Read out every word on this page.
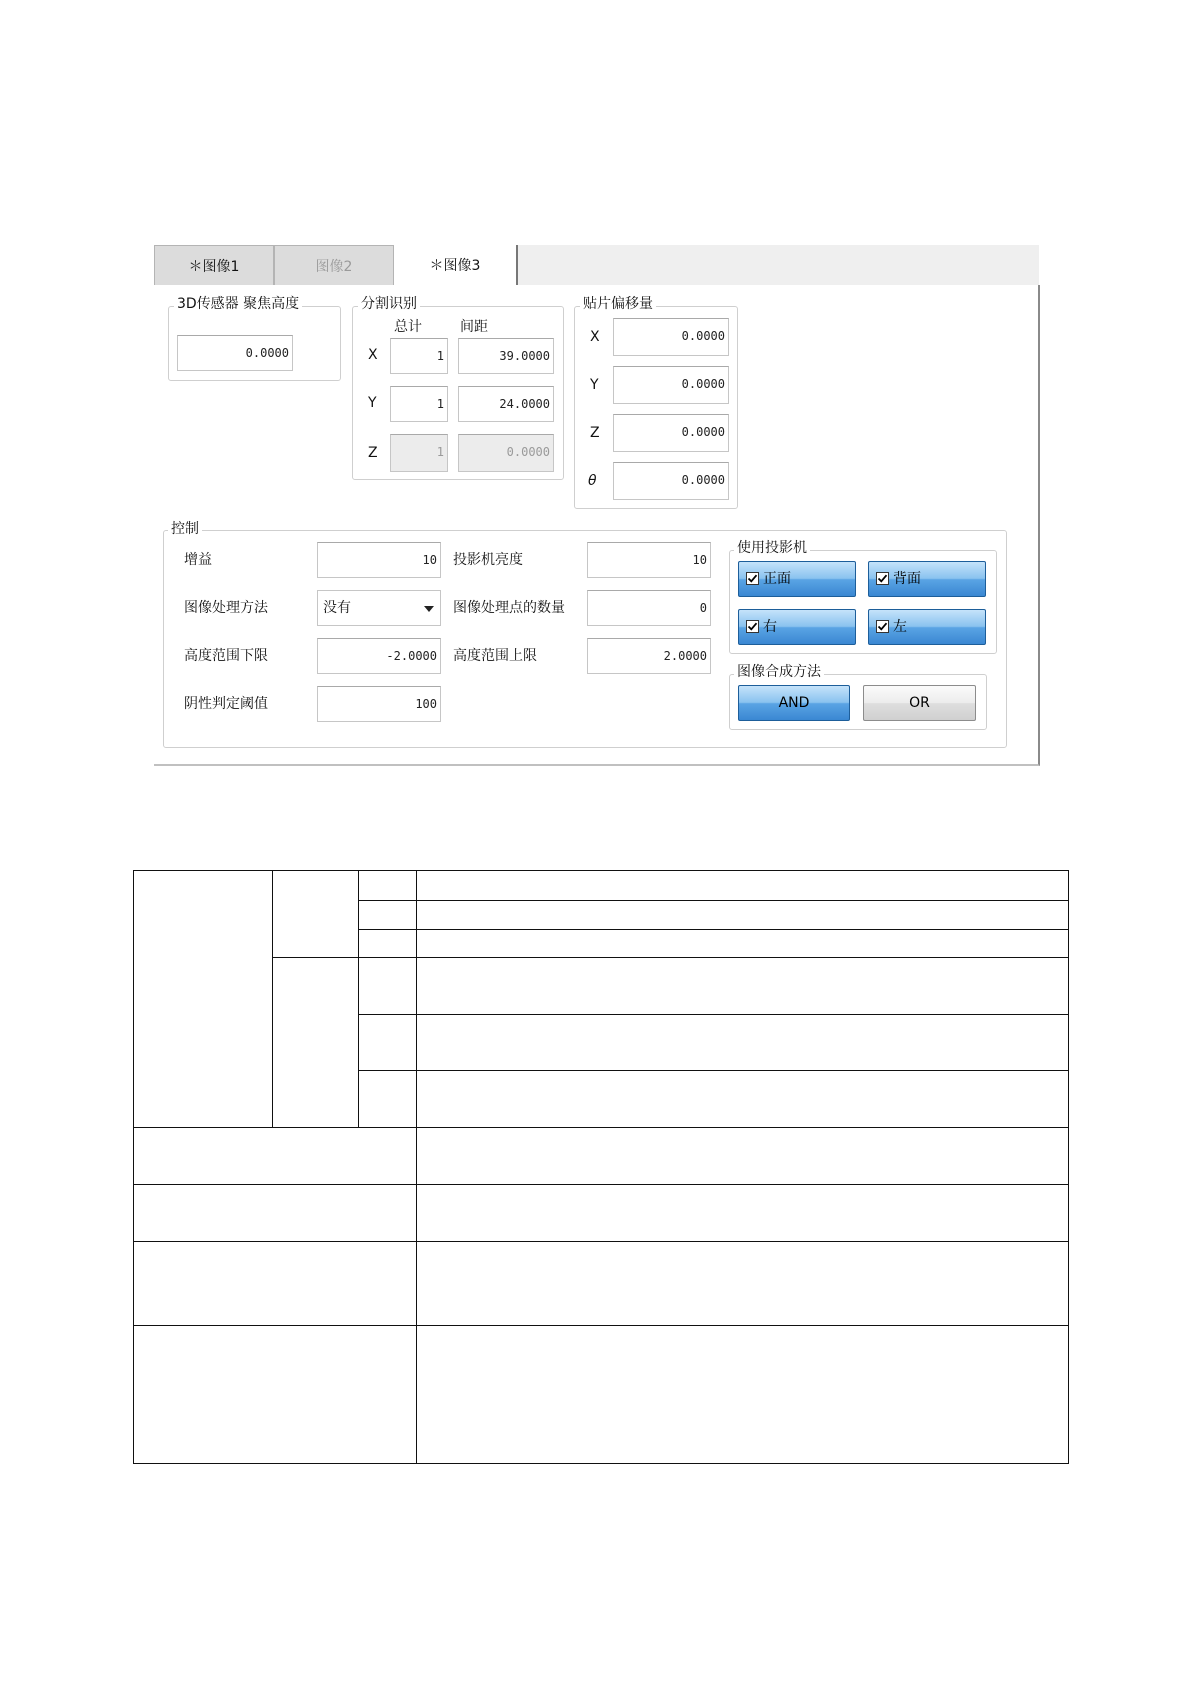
＊图像1	图像2	＊图像3
3D传感器 聚焦高度
0.0000
分割识别
总计	间距
X	1	39.0000
Y	1	24.0000
Z	1	0.0000
贴片偏移量
X	0.0000
Y	0.0000
Z	0.0000
θ	0.0000
控制
增益	10
图像处理方法	没有
高度范围下限	-2.0000
阴性判定阈值	100
投影机亮度	10
图像处理点的数量	0
高度范围上限	2.0000
使用投影机
正面	背面
右	左
图像合成方法
AND	OR
